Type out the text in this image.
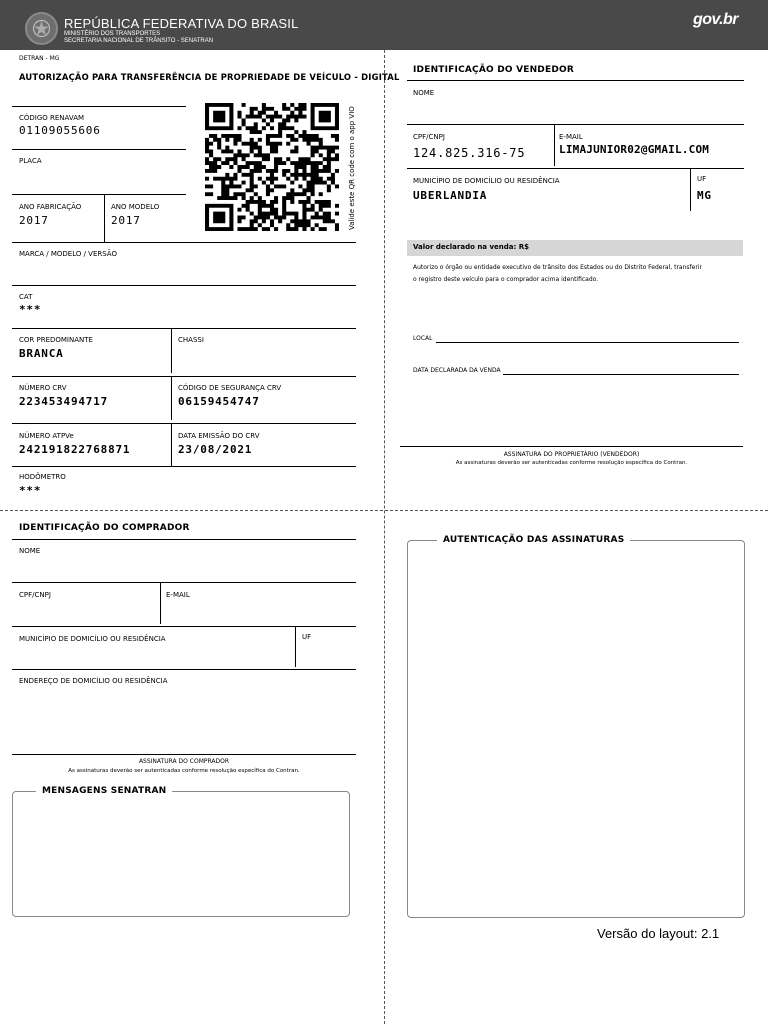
REPÚBLICA FEDERATIVA DO BRASIL
MINISTÉRIO DOS TRANSPORTES
SECRETARIA NACIONAL DE TRÂNSITO - SENATRAN
gov.br
DETRAN - MG
AUTORIZAÇÃO PARA TRANSFERÊNCIA DE PROPRIEDADE DE VEÍCULO - DIGITAL
CÓDIGO RENAVAM
01109055606
PLACA
ANO FABRICAÇÃO
2017
ANO MODELO
2017	Valide este QR code com o app VIO
MARCA / MODELO / VERSÃO
CAT
***
COR PREDOMINANTE
BRANCA
CHASSI
NÚMERO CRV
223453494717
CÓDIGO DE SEGURANÇA CRV
06159454747
NÚMERO ATPVe
242191822768871
DATA EMISSÃO DO CRV
23/08/2021
HODÔMETRO
***
IDENTIFICAÇÃO DO VENDEDOR
NOME
CPF/CNPJ
124.825.316-75
E-MAIL
LIMAJUNIOR02@GMAIL.COM
MUNICÍPIO DE DOMICÍLIO OU RESIDÊNCIA
UBERLANDIA
UF
MG
Valor declarado na venda: R$
Autorizo o órgão ou entidade executivo de trânsito dos Estados ou do Distrito Federal, transferir
o registro deste veículo para o comprador acima identificado.
LOCAL
DATA DECLARADA DA VENDA
ASSINATURA DO PROPRIETÁRIO (VENDEDOR)
As assinaturas deverão ser autenticadas conforme resolução específica do Contran.
IDENTIFICAÇÃO DO COMPRADOR
NOME
CPF/CNPJ	E-MAIL
MUNICÍPIO DE DOMICÍLIO OU RESIDÊNCIA	UF
ENDEREÇO DE DOMICÍLIO OU RESIDÊNCIA
ASSINATURA DO COMPRADOR
As assinaturas deverão ser autenticadas conforme resolução específica do Contran.
MENSAGENS SENATRAN
AUTENTICAÇÃO DAS ASSINATURAS
Versão do layout: 2.1
